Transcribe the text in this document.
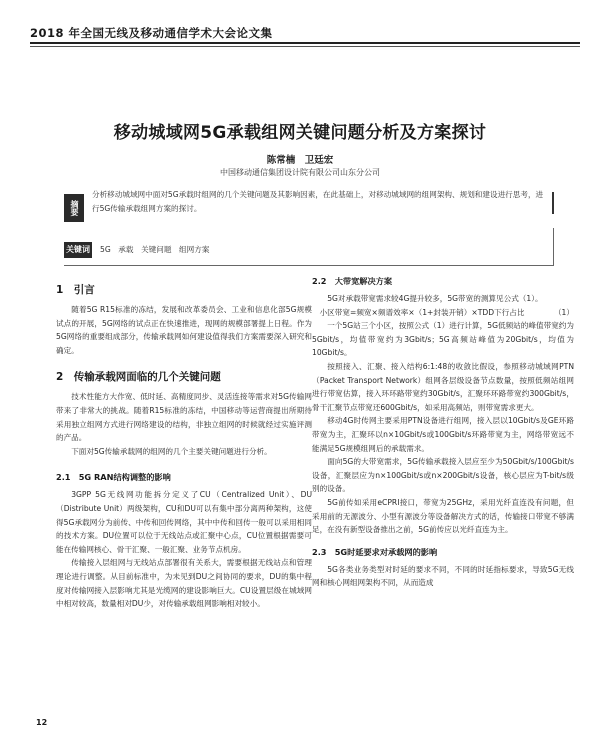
2018 年全国无线及移动通信学术大会论文集
移动城域网5G承载组网关键问题分析及方案探讨
陈常楠　卫廷宏
中国移动通信集团设计院有限公司山东分公司
摘要
分析移动城域网中面对5G承载时组网的几个关键问题及其影响因素，在此基础上，对移动城域网的组网架构、规划和建设进行思考，进行5G传输承载组网方案的探讨。
关键词 5G　承载　关键问题　组网方案
1　引言
随着5G R15标准的冻结，发展和改革委员会、工业和信息化部5G规模试点的开展，5G网络的试点正在快速推进，现网的规模部署提上日程。作为5G网络的重要组成部分，传输承载网如何建设值得我们方案需要深入研究和确定。
2　传输承载网面临的几个关键问题
技术性能方大作宽、低时延、高精度同步、灵活连接等需求对5G传输网带来了非常大的挑战。随着R15标准的冻结，中国移动等运营商提出所期待采用独立组网方式进行网络建设的结构，非独立组网的时候就经过实施评测的产品。
下面对5G传输承载网的组网的几个主要关键问题进行分析。
2.1　5G RAN结构调整的影响
3GPP 5G无线网功能拆分定义了CU（Centralized Unit）、DU（Distribute Unit）两级架构，CU和DU可以有集中部分离两种架构，这使得5G承载网分为前传、中传和回传网络，其中中传和回传一般可以采用相同的技术方案。DU位置可以位于无线站点或汇聚中心点，CU位置根据需要可能在传输网核心、骨干汇聚、一般汇聚、业务节点机房。
传输接入层组网与无线站点部署很有关系大，需要根据无线站点和管理理论进行调整。从目前标准中，为未见到DU之间协同的要求，DU的集中程度对传输网接入层影响尤其是光缆网的建设影响巨大。CU设置层级在城域网中相对较高，数量相对DU少，对传输承载组网影响相对较小。
2.2　大带宽解决方案
5G对承载带宽需求较4G提升较多，5G带宽的测算见公式（1）。
小区带宽=频宽×频谱效率×（1+封装开销）×TDD下行占比	（1）
一个5G站三个小区，按照公式（1）进行计算，5G低频站的峰值带宽约为5Gbit/s，均值带宽约为3Gbit/s；5G高频站峰值为20Gbit/s，均值为10Gbit/s。
按照接入、汇聚、接入结构6:1:48的收敛比假设，参照移动城域网PTN（Packet Transport Network）组网各层级设备节点数量，按照低频站组网进行带宽估算，接入环环路带宽约30Gbit/s，汇聚环环路带宽约300Gbit/s，骨干汇聚节点带宽还600Gbit/s，如采用高频站，则带宽需求更大。
移动4G时传网主要采用PTN设备进行组网，接入层以10Gbit/s及GE环路带宽为主，汇聚环以n×10Gbit/s或100Gbit/s环路带宽为主，网络带宽远不能满足5G规模组网后的承载需求。
面向5G的大带宽需求，5G传输承载接入层应至少为50Gbit/s/100Gbit/s设备，汇聚层应为n×100Gbit/s或n×200Gbit/s设备，核心层应为T-bit/s级别的设备。
5G前传如采用eCPRI接口，带宽为25GHz，采用光纤直连没有问题，但采用前的无源波分、小型有源波分等设备解决方式的话，传输接口带宽不够满足，在没有新型设备推出之前，5G前传应以光纤直连为主。
2.3　5G时延要求对承载网的影响
5G各类业务类型对时延的要求不同，不同的时延指标要求，导致5G无线网和核心网组网架构不同，从而造成
12
